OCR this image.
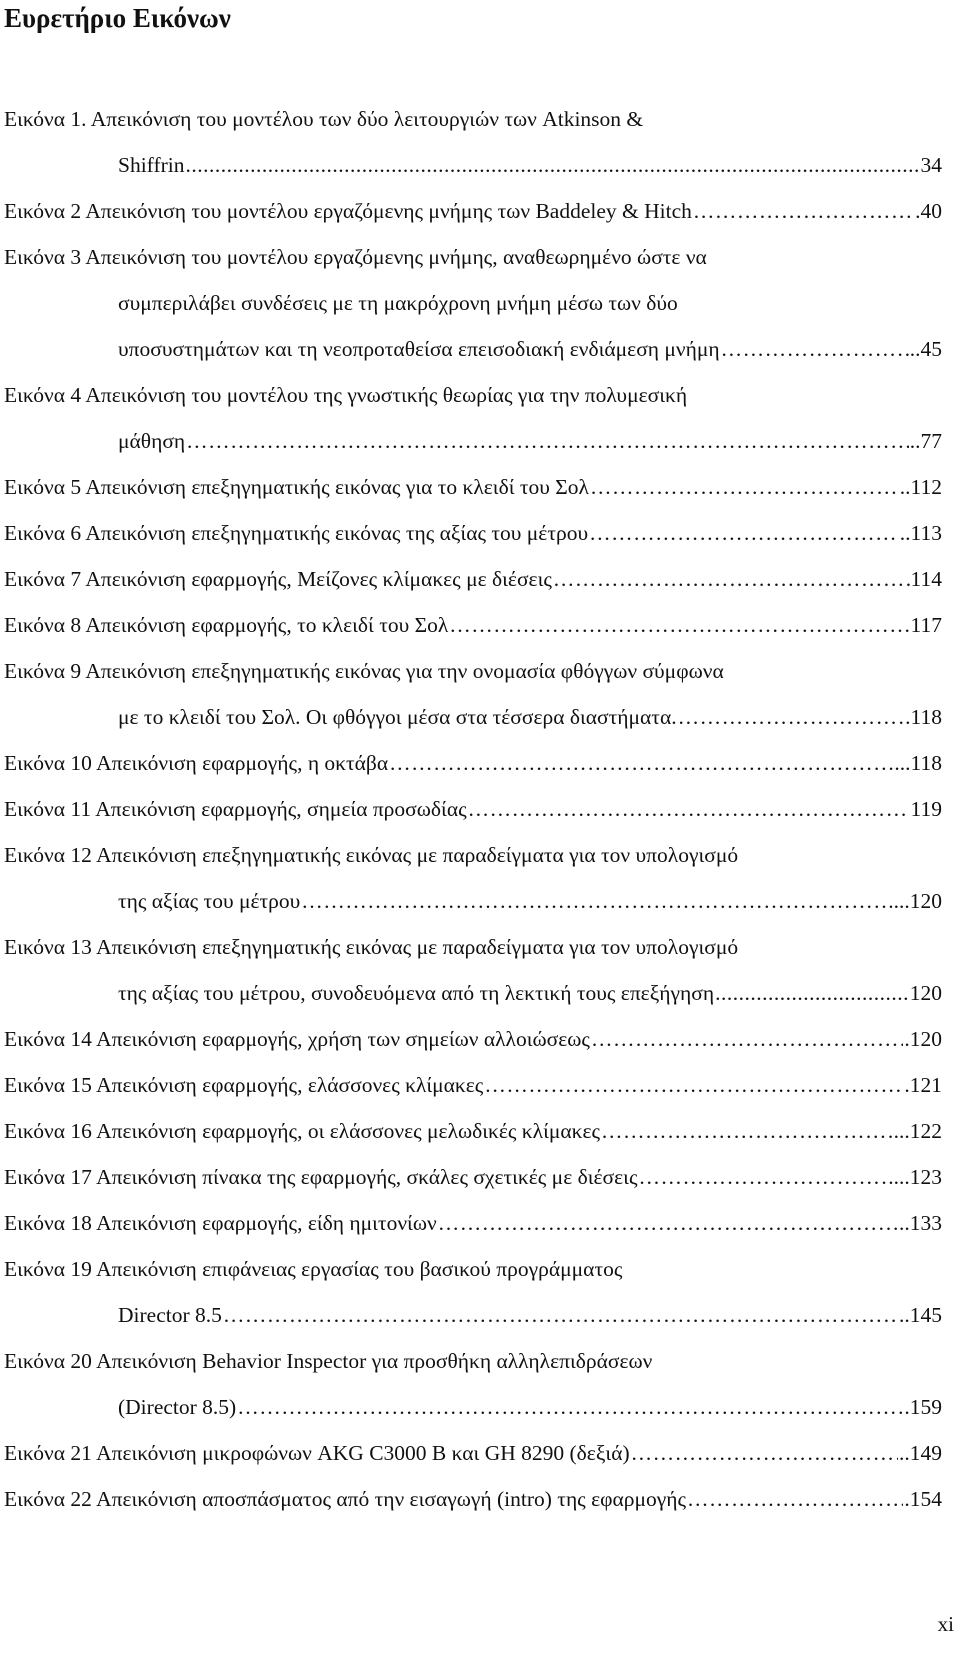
Ευρετήριο Εικόνων
Εικόνα 1. Απεικόνιση του μοντέλου των δύο λειτουργιών των Atkinson &
Shiffrin .....	34
Εικόνα 2 Απεικόνιση του μοντέλου εργαζόμενης μνήμης των Baddeley & Hitch …………………………………………………………………………………………………………………………………………………………………………………………………	.40
Εικόνα 3 Απεικόνιση του μοντέλου εργαζόμενης μνήμης, αναθεωρημένο ώστε να
συμπεριλάβει συνδέσεις με τη μακρόχρονη μνήμη μέσω των δύο
υποσυστημάτων και τη νεοπροταθείσα επεισοδιακή ενδιάμεση μνήμη …………………………………………………………………………………………………………………………………………………………………………………………………	..45
Εικόνα 4 Απεικόνιση του μοντέλου της γνωστικής θεωρίας για την πολυμεσική
μάθηση …………………………………………………………………………………………………………………………………………………………………………………………………	..77
Εικόνα 5 Απεικόνιση επεξηγηματικής εικόνας για το κλειδί του Σολ …………………………………………………………………………………………………………………………………………………………………………………………………	..112
Εικόνα 6 Απεικόνιση επεξηγηματικής εικόνας της αξίας του μέτρου …………………………………………………………………………………………………………………………………………………………………………………………………	..113
Εικόνα 7 Απεικόνιση εφαρμογής, Μείζονες κλίμακες με διέσεις …………………………………………………………………………………………………………………………………………………………………………………………………	114
Εικόνα 8 Απεικόνιση εφαρμογής, το κλειδί του Σολ …………………………………………………………………………………………………………………………………………………………………………………………………	117
Εικόνα 9 Απεικόνιση επεξηγηματικής εικόνας για την ονομασία φθόγγων σύμφωνα
με το κλειδί του Σολ. Οι φθόγγοι μέσα στα τέσσερα διαστήματα. …………………………………………………………………………………………………………………………………………………………………………………………………	.118
Εικόνα 10 Απεικόνιση εφαρμογής, η οκτάβα …………………………………………………………………………………………………………………………………………………………………………………………………	...118
Εικόνα 11 Απεικόνιση εφαρμογής, σημεία προσωδίας …………………………………………………………………………………………………………………………………………………………………………………………………	119
Εικόνα 12 Απεικόνιση επεξηγηματικής εικόνας με παραδείγματα για τον υπολογισμό
της αξίας του μέτρου …………………………………………………………………………………………………………………………………………………………………………………………………	....120
Εικόνα 13 Απεικόνιση επεξηγηματικής εικόνας με παραδείγματα για τον υπολογισμό
της αξίας του μέτρου, συνοδευόμενα από τη λεκτική τους επεξήγηση .....	120
Εικόνα 14 Απεικόνιση εφαρμογής, χρήση των σημείων αλλοιώσεως …………………………………………………………………………………………………………………………………………………………………………………………………	.120
Εικόνα 15 Απεικόνιση εφαρμογής, ελάσσονες κλίμακες …………………………………………………………………………………………………………………………………………………………………………………………………	.121
Εικόνα 16 Απεικόνιση εφαρμογής, οι ελάσσονες μελωδικές κλίμακες …………………………………………………………………………………………………………………………………………………………………………………………………	...122
Εικόνα 17 Απεικόνιση πίνακα της εφαρμογής, σκάλες σχετικές με διέσεις …………………………………………………………………………………………………………………………………………………………………………………………………	....123
Εικόνα 18 Απεικόνιση εφαρμογής, είδη ημιτονίων …………………………………………………………………………………………………………………………………………………………………………………………………	..133
Εικόνα 19 Απεικόνιση επιφάνειας εργασίας του βασικού προγράμματος
Director 8.5 …………………………………………………………………………………………………………………………………………………………………………………………………	..145
Εικόνα 20 Απεικόνιση Behavior Inspector για προσθήκη αλληλεπιδράσεων
(Director 8.5) …………………………………………………………………………………………………………………………………………………………………………………………………	.159
Εικόνα 21 Απεικόνιση μικροφώνων AKG C3000 B και GH 8290 (δεξιά) …………………………………………………………………………………………………………………………………………………………………………………………………	..149
Εικόνα 22 Απεικόνιση αποσπάσματος από την εισαγωγή (intro) της εφαρμογής …………………………………………………………………………………………………………………………………………………………………………………………………	.154
xi
